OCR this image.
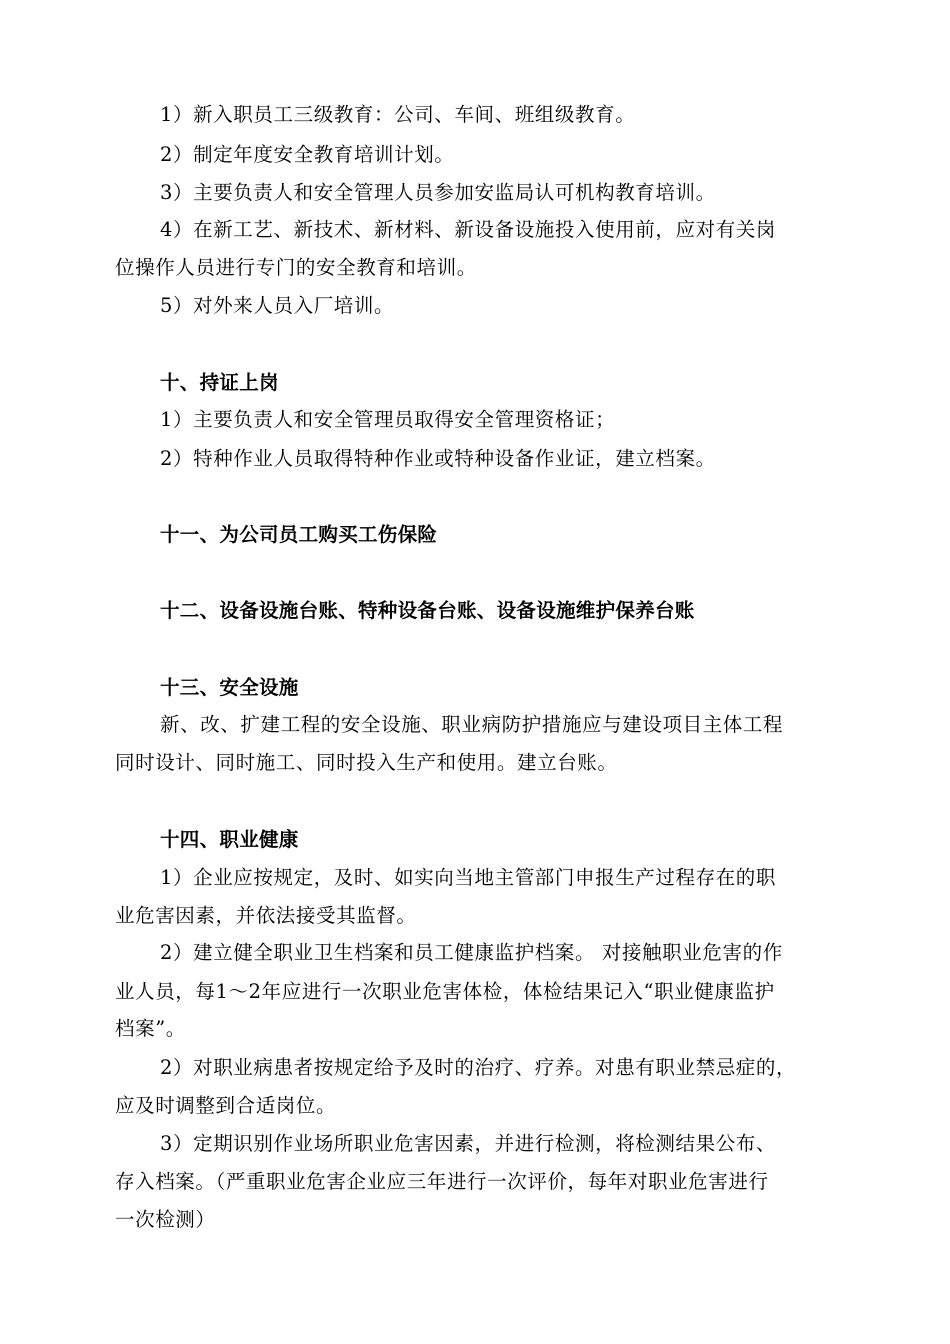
1）新入职员工三级教育：公司、车间、班组级教育。
2）制定年度安全教育培训计划。
3）主要负责人和安全管理人员参加安监局认可机构教育培训。
4）在新工艺、新技术、新材料、新设备设施投入使用前，应对有关岗
位操作人员进行专门的安全教育和培训。
5）对外来人员入厂培训。
十、持证上岗
1）主要负责人和安全管理员取得安全管理资格证；
2）特种作业人员取得特种作业或特种设备作业证，建立档案。
十一、为公司员工购买工伤保险
十二、设备设施台账、特种设备台账、设备设施维护保养台账
十三、安全设施
新、改、扩建工程的安全设施、职业病防护措施应与建设项目主体工程
同时设计、同时施工、同时投入生产和使用。建立台账。
十四、职业健康
1）企业应按规定，及时、如实向当地主管部门申报生产过程存在的职
业危害因素，并依法接受其监督。
2）建立健全职业卫生档案和员工健康监护档案。 对接触职业危害的作
业人员，每1～2年应进行一次职业危害体检，体检结果记入“职业健康监护
档案”。
2）对职业病患者按规定给予及时的治疗、疗养。对患有职业禁忌症的，
应及时调整到合适岗位。
3）定期识别作业场所职业危害因素，并进行检测，将检测结果公布、
存入档案。（严重职业危害企业应三年进行一次评价，每年对职业危害进行
一次检测）
